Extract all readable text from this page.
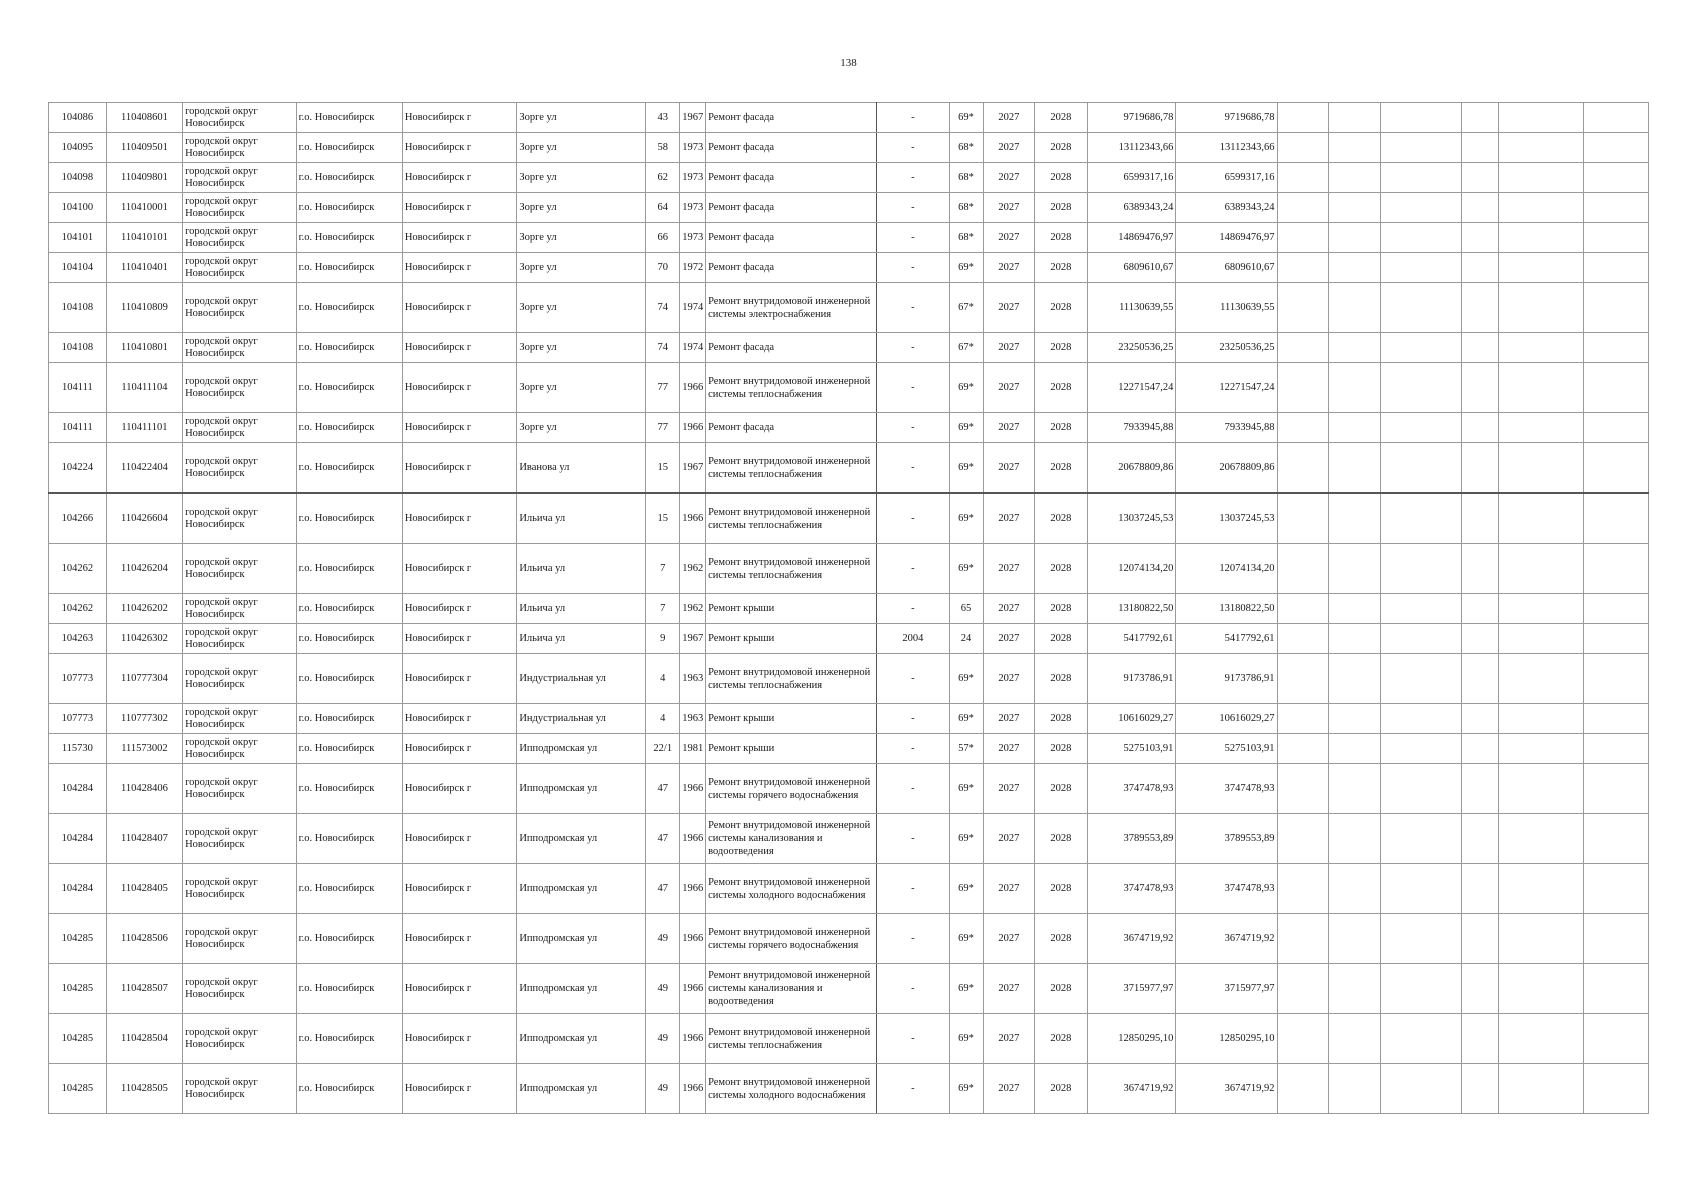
138
104086	110408601	городской округ Новосибирск	г.о. Новосибирск	Новосибирск г	Зорге ул	43	1967	Ремонт фасада	-	69*	2027	2028	9719686,78	9719686,78						
104095	110409501	городской округ Новосибирск	г.о. Новосибирск	Новосибирск г	Зорге ул	58	1973	Ремонт фасада	-	68*	2027	2028	13112343,66	13112343,66						
104098	110409801	городской округ Новосибирск	г.о. Новосибирск	Новосибирск г	Зорге ул	62	1973	Ремонт фасада	-	68*	2027	2028	6599317,16	6599317,16						
104100	110410001	городской округ Новосибирск	г.о. Новосибирск	Новосибирск г	Зорге ул	64	1973	Ремонт фасада	-	68*	2027	2028	6389343,24	6389343,24						
104101	110410101	городской округ Новосибирск	г.о. Новосибирск	Новосибирск г	Зорге ул	66	1973	Ремонт фасада	-	68*	2027	2028	14869476,97	14869476,97						
104104	110410401	городской округ Новосибирск	г.о. Новосибирск	Новосибирск г	Зорге ул	70	1972	Ремонт фасада	-	69*	2027	2028	6809610,67	6809610,67						
104108	110410809	городской округ Новосибирск	г.о. Новосибирск	Новосибирск г	Зорге ул	74	1974	Ремонт внутридомовой инженерной системы электроснабжения	-	67*	2027	2028	11130639,55	11130639,55						
104108	110410801	городской округ Новосибирск	г.о. Новосибирск	Новосибирск г	Зорге ул	74	1974	Ремонт фасада	-	67*	2027	2028	23250536,25	23250536,25						
104111	110411104	городской округ Новосибирск	г.о. Новосибирск	Новосибирск г	Зорге ул	77	1966	Ремонт внутридомовой инженерной системы теплоснабжения	-	69*	2027	2028	12271547,24	12271547,24						
104111	110411101	городской округ Новосибирск	г.о. Новосибирск	Новосибирск г	Зорге ул	77	1966	Ремонт фасада	-	69*	2027	2028	7933945,88	7933945,88						
104224	110422404	городской округ Новосибирск	г.о. Новосибирск	Новосибирск г	Иванова ул	15	1967	Ремонт внутридомовой инженерной системы теплоснабжения	-	69*	2027	2028	20678809,86	20678809,86						
104266	110426604	городской округ Новосибирск	г.о. Новосибирск	Новосибирск г	Ильича ул	15	1966	Ремонт внутридомовой инженерной системы теплоснабжения	-	69*	2027	2028	13037245,53	13037245,53						
104262	110426204	городской округ Новосибирск	г.о. Новосибирск	Новосибирск г	Ильича ул	7	1962	Ремонт внутридомовой инженерной системы теплоснабжения	-	69*	2027	2028	12074134,20	12074134,20						
104262	110426202	городской округ Новосибирск	г.о. Новосибирск	Новосибирск г	Ильича ул	7	1962	Ремонт крыши	-	65	2027	2028	13180822,50	13180822,50						
104263	110426302	городской округ Новосибирск	г.о. Новосибирск	Новосибирск г	Ильича ул	9	1967	Ремонт крыши	2004	24	2027	2028	5417792,61	5417792,61						
107773	110777304	городской округ Новосибирск	г.о. Новосибирск	Новосибирск г	Индустриальная ул	4	1963	Ремонт внутридомовой инженерной системы теплоснабжения	-	69*	2027	2028	9173786,91	9173786,91						
107773	110777302	городской округ Новосибирск	г.о. Новосибирск	Новосибирск г	Индустриальная ул	4	1963	Ремонт крыши	-	69*	2027	2028	10616029,27	10616029,27						
115730	111573002	городской округ Новосибирск	г.о. Новосибирск	Новосибирск г	Ипподромская ул	22/1	1981	Ремонт крыши	-	57*	2027	2028	5275103,91	5275103,91						
104284	110428406	городской округ Новосибирск	г.о. Новосибирск	Новосибирск г	Ипподромская ул	47	1966	Ремонт внутридомовой инженерной системы горячего водоснабжения	-	69*	2027	2028	3747478,93	3747478,93						
104284	110428407	городской округ Новосибирск	г.о. Новосибирск	Новосибирск г	Ипподромская ул	47	1966	Ремонт внутридомовой инженерной системы канализования и водоотведения	-	69*	2027	2028	3789553,89	3789553,89						
104284	110428405	городской округ Новосибирск	г.о. Новосибирск	Новосибирск г	Ипподромская ул	47	1966	Ремонт внутридомовой инженерной системы холодного водоснабжения	-	69*	2027	2028	3747478,93	3747478,93						
104285	110428506	городской округ Новосибирск	г.о. Новосибирск	Новосибирск г	Ипподромская ул	49	1966	Ремонт внутридомовой инженерной системы горячего водоснабжения	-	69*	2027	2028	3674719,92	3674719,92						
104285	110428507	городской округ Новосибирск	г.о. Новосибирск	Новосибирск г	Ипподромская ул	49	1966	Ремонт внутридомовой инженерной системы канализования и водоотведения	-	69*	2027	2028	3715977,97	3715977,97						
104285	110428504	городской округ Новосибирск	г.о. Новосибирск	Новосибирск г	Ипподромская ул	49	1966	Ремонт внутридомовой инженерной системы теплоснабжения	-	69*	2027	2028	12850295,10	12850295,10						
104285	110428505	городской округ Новосибирск	г.о. Новосибирск	Новосибирск г	Ипподромская ул	49	1966	Ремонт внутридомовой инженерной системы холодного водоснабжения	-	69*	2027	2028	3674719,92	3674719,92						
